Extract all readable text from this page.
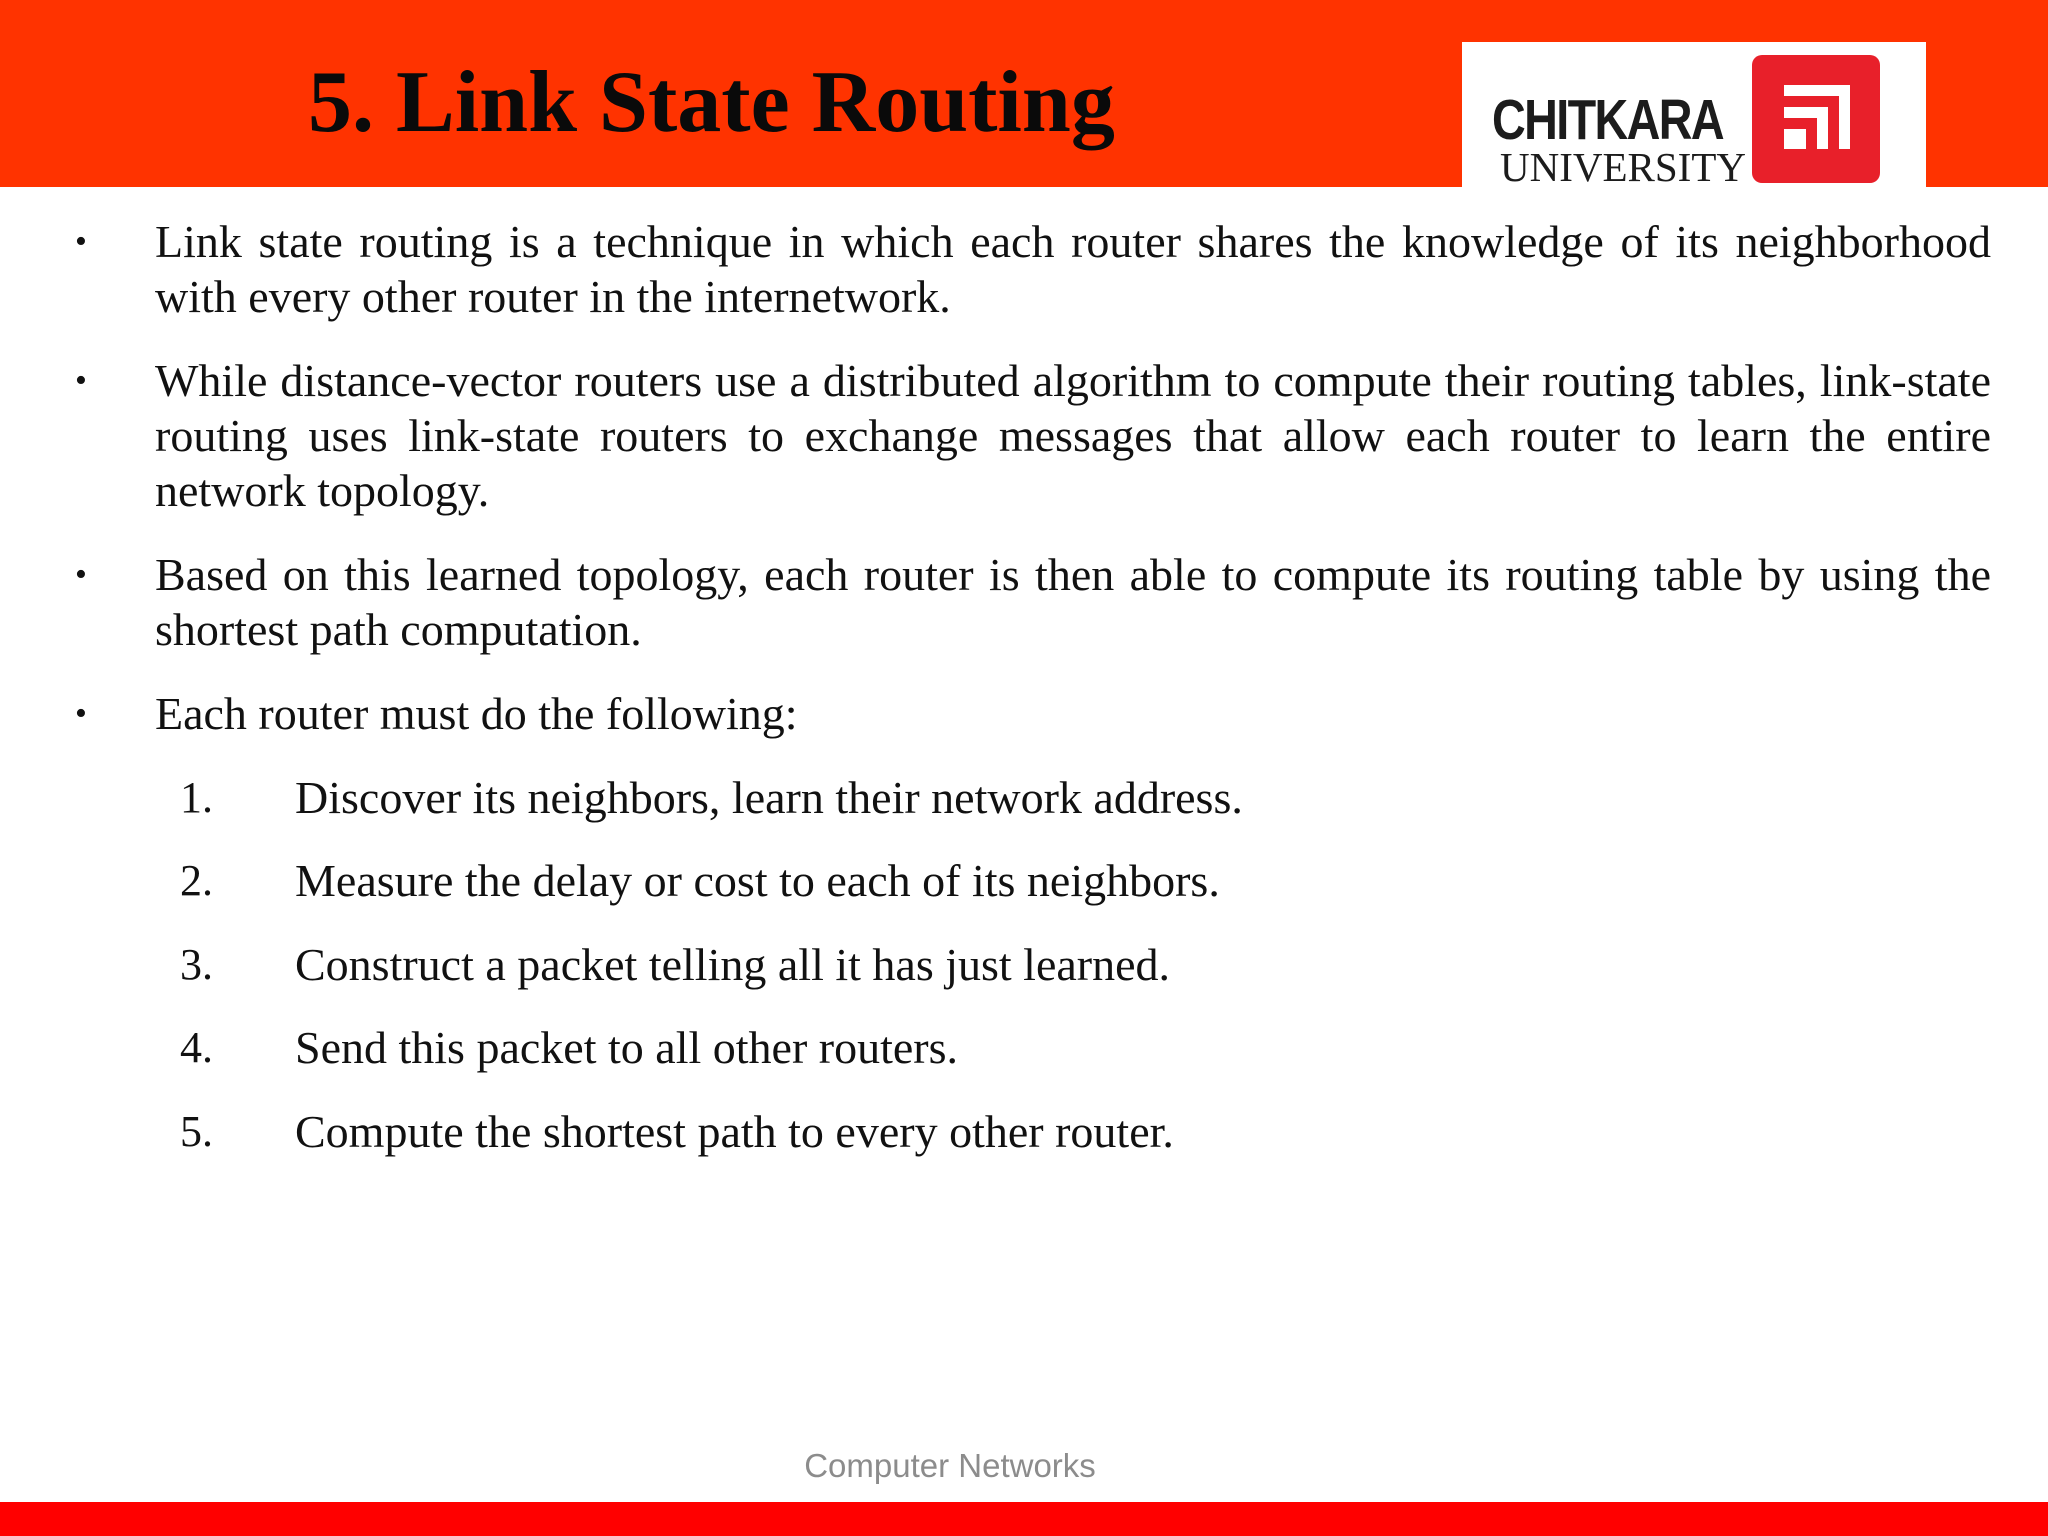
5. Link State Routing	CHITKARA
UNIVERSITY
• Link state routing is a technique in which each router shares the knowledge of its neighborhood with every other router in the internetwork.
• While distance-vector routers use a distributed algorithm to compute their routing tables, link-state routing uses link-state routers to exchange messages that allow each router to learn the entire network topology.
• Based on this learned topology, each router is then able to compute its routing table by using the shortest path computation.
• Each router must do the following:
1. Discover its neighbors, learn their network address.
2. Measure the delay or cost to each of its neighbors.
3. Construct a packet telling all it has just learned.
4. Send this packet to all other routers.
5. Compute the shortest path to every other router.
Computer Networks
